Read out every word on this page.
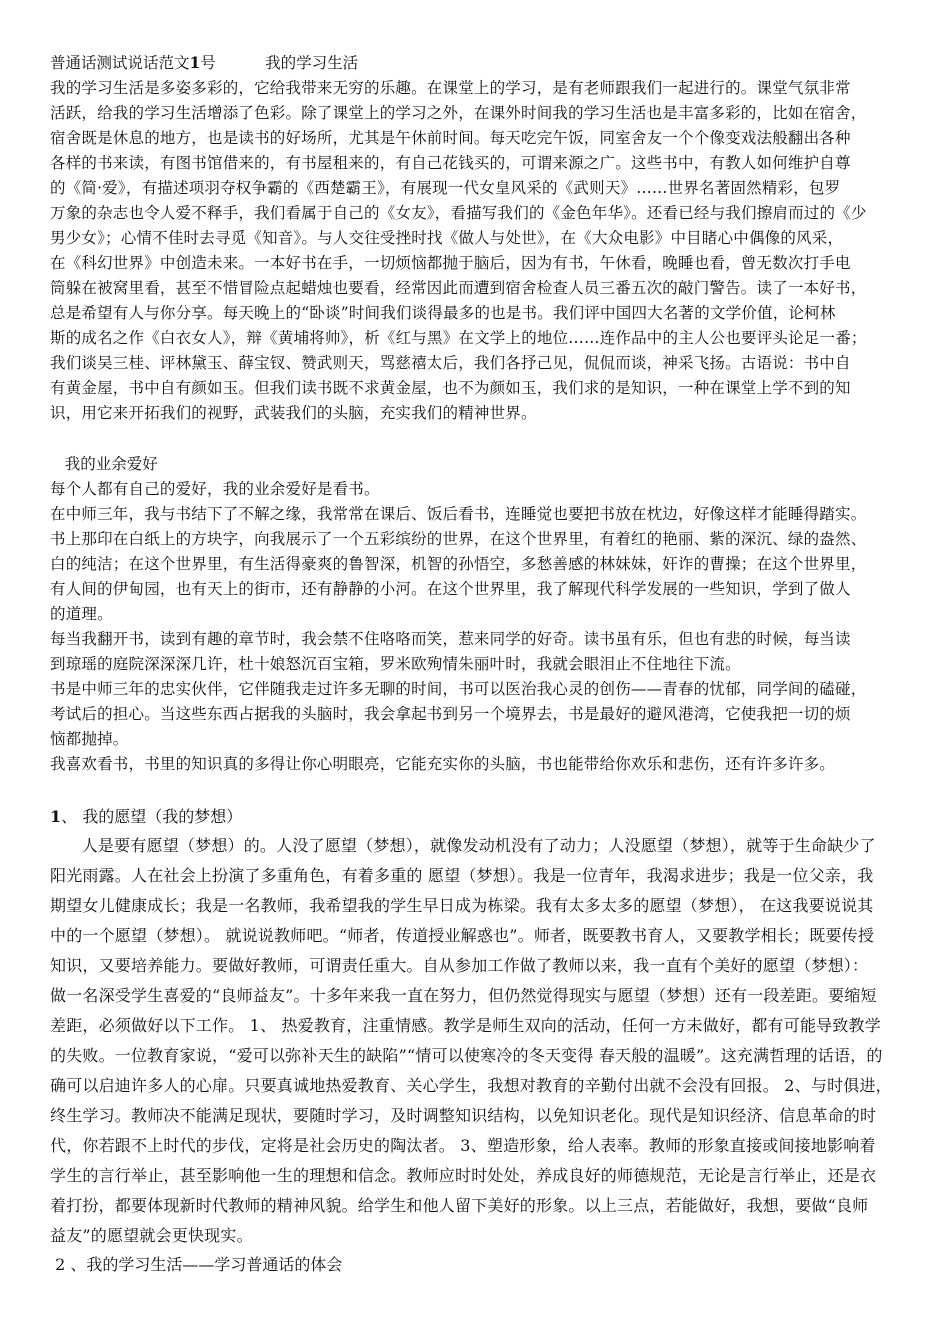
普通话测试说话范文1号	我的学习生活

我的学习生活是多姿多彩的，它给我带来无穷的乐趣。在课堂上的学习，是有老师跟我们一起进行的。课堂气氛非常

活跃，给我的学习生活增添了色彩。除了课堂上的学习之外，在课外时间我的学习生活也是丰富多彩的，比如在宿舍，

宿舍既是休息的地方，也是读书的好场所，尤其是午休前时间。每天吃完午饭，同室舍友一个个像变戏法般翻出各种

各样的书来读，有图书馆借来的，有书屋租来的，有自己花钱买的，可谓来源之广。这些书中，有教人如何维护自尊

的《简·爱》，有描述项羽夺权争霸的《西楚霸王》，有展现一代女皇风采的《武则天》……世界名著固然精彩，包罗

万象的杂志也令人爱不释手，我们看属于自己的《女友》，看描写我们的《金色年华》。还看已经与我们擦肩而过的《少

男少女》；心情不佳时去寻觅《知音》。与人交往受挫时找《做人与处世》，在《大众电影》中目睹心中偶像的风采，

在《科幻世界》中创造未来。一本好书在手，一切烦恼都抛于脑后，因为有书，午休看，晚睡也看，曾无数次打手电

筒躲在被窝里看，甚至不惜冒险点起蜡烛也要看，经常因此而遭到宿舍检查人员三番五次的敲门警告。读了一本好书，

总是希望有人与你分享。每天晚上的“卧谈”时间我们谈得最多的也是书。我们评中国四大名著的文学价值，论柯林

斯的成名之作《白衣女人》，辩《黄埔将帅》，析《红与黑》在文学上的地位……连作品中的主人公也要评头论足一番；

我们谈吴三桂、评林黛玉、薛宝钗、赞武则天，骂慈禧太后，我们各抒己见，侃侃而谈，神采飞扬。古语说：书中自

有黄金屋，书中自有颜如玉。但我们读书既不求黄金屋，也不为颜如玉，我们求的是知识，一种在课堂上学不到的知

识，用它来开拓我们的视野，武装我们的头脑，充实我们的精神世界。

我的业余爱好

每个人都有自己的爱好，我的业余爱好是看书。

在中师三年，我与书结下了不解之缘，我常常在课后、饭后看书，连睡觉也要把书放在枕边，好像这样才能睡得踏实。

书上那印在白纸上的方块字，向我展示了一个五彩缤纷的世界，在这个世界里，有着红的艳丽、紫的深沉、绿的盎然、

白的纯洁；在这个世界里，有生活得豪爽的鲁智深，机智的孙悟空，多愁善感的林妹妹，奸诈的曹操；在这个世界里，

有人间的伊甸园，也有天上的街市，还有静静的小河。在这个世界里，我了解现代科学发展的一些知识，学到了做人

的道理。

每当我翻开书，读到有趣的章节时，我会禁不住咯咯而笑，惹来同学的好奇。读书虽有乐，但也有悲的时候，每当读

到琼瑶的庭院深深深几许，杜十娘怒沉百宝箱，罗米欧殉情朱丽叶时，我就会眼泪止不住地往下流。

书是中师三年的忠实伙伴，它伴随我走过许多无聊的时间，书可以医治我心灵的创伤——青春的忧郁，同学间的磕碰，

考试后的担心。当这些东西占据我的头脑时，我会拿起书到另一个境界去，书是最好的避风港湾，它使我把一切的烦

恼都抛掉。

我喜欢看书，书里的知识真的多得让你心明眼亮，它能充实你的头脑，书也能带给你欢乐和悲伤，还有许多许多。

1、 我的愿望（我的梦想）

人是要有愿望（梦想）的。人没了愿望（梦想），就像发动机没有了动力；人没愿望（梦想），就等于生命缺少了

阳光雨露。人在社会上扮演了多重角色，有着多重的 愿望（梦想）。我是一位青年，我渴求进步；我是一位父亲，我

期望女儿健康成长；我是一名教师，我希望我的学生早日成为栋梁。我有太多太多的愿望（梦想）， 在这我要说说其

中的一个愿望（梦想）。 就说说教师吧。“师者，传道授业解惑也”。师者，既要教书育人，又要教学相长；既要传授

知识，又要培养能力。要做好教师，可谓责任重大。自从参加工作做了教师以来，我一直有个美好的愿望（梦想）：

做一名深受学生喜爱的“良师益友”。十多年来我一直在努力，但仍然觉得现实与愿望（梦想）还有一段差距。要缩短

差距，必须做好以下工作。 1、 热爱教育，注重情感。教学是师生双向的活动，任何一方未做好，都有可能导致教学

的失败。一位教育家说，“爱可以弥补天生的缺陷”“情可以使寒冷的冬天变得 春天般的温暖”。这充满哲理的话语，的

确可以启迪许多人的心扉。只要真诚地热爱教育、关心学生，我想对教育的辛勤付出就不会没有回报。 2、与时俱进，

终生学习。教师决不能满足现状，要随时学习，及时调整知识结构，以免知识老化。现代是知识经济、信息革命的时

代，你若跟不上时代的步伐，定将是社会历史的陶汰者。 3、塑造形象，给人表率。教师的形象直接或间接地影响着

学生的言行举止，甚至影响他一生的理想和信念。教师应时时处处，养成良好的师德规范，无论是言行举止，还是衣

着打扮，都要体现新时代教师的精神风貌。给学生和他人留下美好的形象。以上三点，若能做好，我想，要做“良师

益友”的愿望就会更快现实。

2 、我的学习生活——学习普通话的体会
